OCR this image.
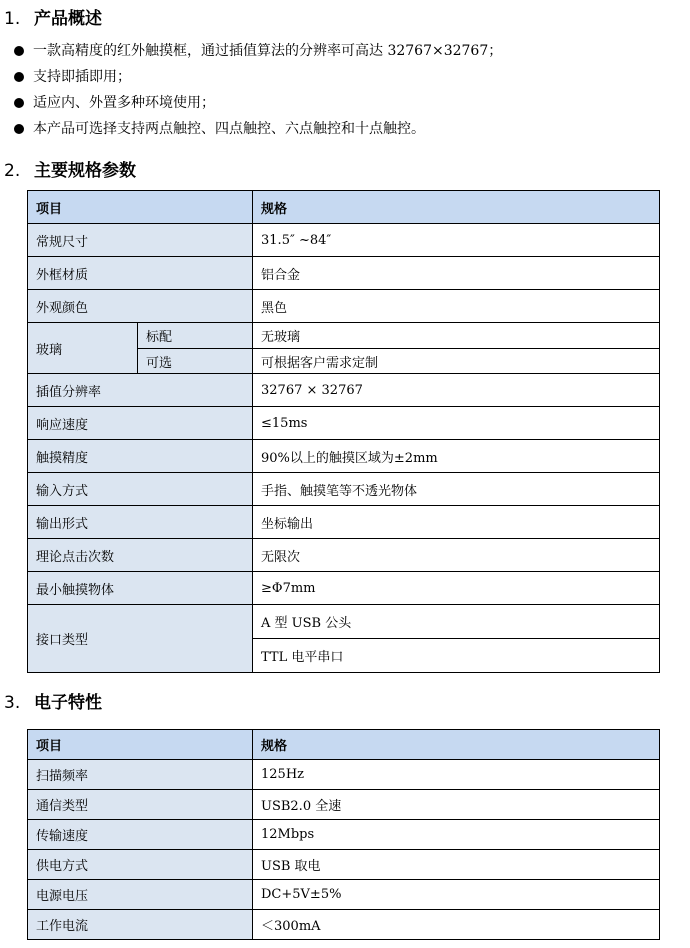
1. 产品概述
一款高精度的红外触摸框，通过插值算法的分辨率可高达 32767×32767；
支持即插即用；
适应内、外置多种环境使用；
本产品可选择支持两点触控、四点触控、六点触控和十点触控。
2. 主要规格参数
项目		规格
常规尺寸		31.5″ ~84″
外框材质		铝合金
外观颜色		黑色
玻璃	标配	无玻璃
	可选	可根据客户需求定制
插值分辨率		32767 × 32767
响应速度		≤15ms
触摸精度		90%以上的触摸区域为±2mm
输入方式		手指、触摸笔等不透光物体
输出形式		坐标输出
理论点击次数		无限次
最小触摸物体		≥Φ7mm
接口类型		A 型 USB 公头
		TTL 电平串口
3. 电子特性
项目	规格
扫描频率	125Hz
通信类型	USB2.0 全速
传输速度	12Mbps
供电方式	USB 取电
电源电压	DC+5V±5%
工作电流	＜300mA
